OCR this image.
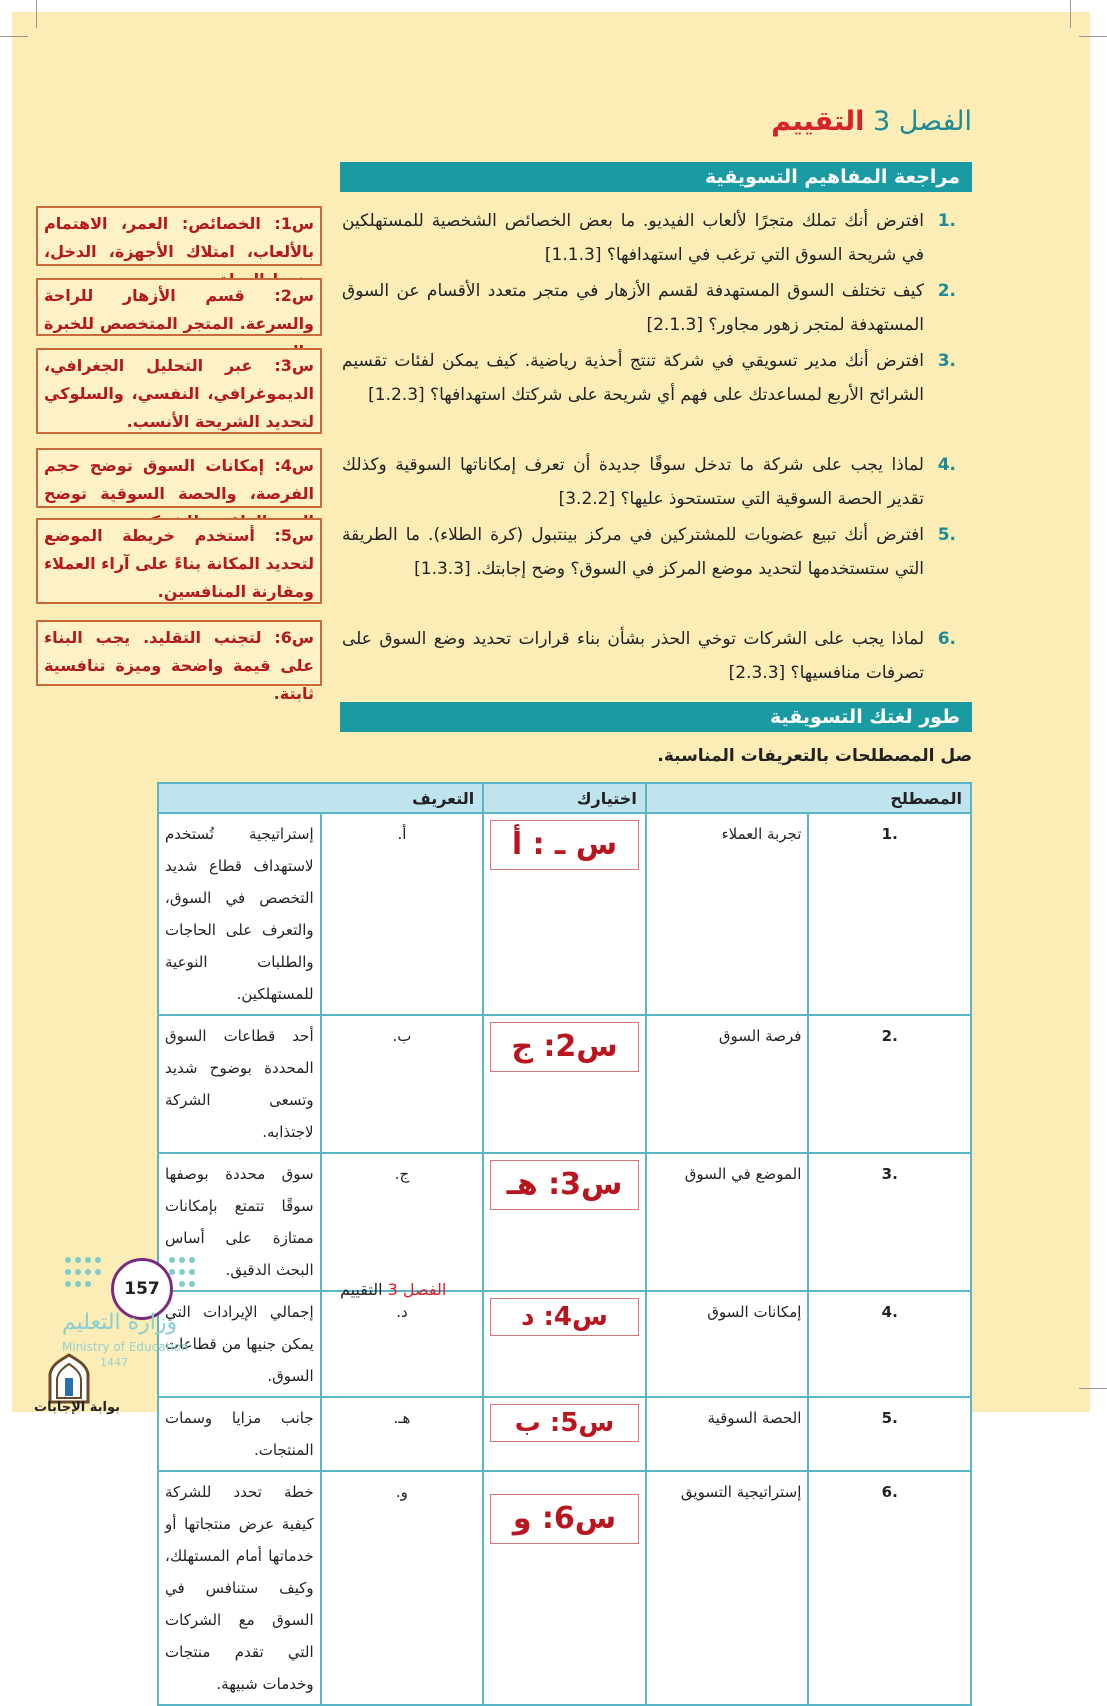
الفصل 3 التقييم
مراجعة المفاهيم التسويقية
.1
افترض أنك تملك متجرًا لألعاب الفيديو. ما بعض الخصائص الشخصية للمستهلكين في شريحة السوق التي ترغب في استهدافها؟ [1.1.3]
.2
كيف تختلف السوق المستهدفة لقسم الأزهار في متجر متعدد الأقسام عن السوق المستهدفة لمتجر زهور مجاور؟ [2.1.3]
.3
افترض أنك مدير تسويقي في شركة تنتج أحذية رياضية. كيف يمكن لفئات تقسيم الشرائح الأربع لمساعدتك على فهم أي شريحة على شركتك استهدافها؟ [1.2.3]
.4
لماذا يجب على شركة ما تدخل سوقًا جديدة أن تعرف إمكاناتها السوقية وكذلك تقدير الحصة السوقية التي ستستحوذ عليها؟ [3.2.2]
.5
افترض أنك تبيع عضويات للمشتركين في مركز بينتبول (كرة الطلاء). ما الطريقة التي ستستخدمها لتحديد موضع المركز في السوق؟ وضح إجابتك. [1.3.3]
.6
لماذا يجب على الشركات توخي الحذر بشأن بناء قرارات تحديد وضع السوق على تصرفات منافسيها؟ [2.3.3]
س1: الخصائص: العمر، الاهتمام بالألعاب، امتلاك الأجهزة، الدخل،
س2: قسم الأزهار للراحة والسرعة. المتجر المتخصص للخبرة
س3: عبر التحليل الجغرافي، الديموغرافي، النفسي، والسلوكي لتحديد الشريحة الأنسب.
س4: إمكانات السوق توضح حجم الفرصة، والحصة السوقية توضح
س5: أستخدم خريطة الموضع لتحديد المكانة بناءً على آراء العملاء ومقارنة المنافسين.
س6: لتجنب التقليد. يجب البناء على قيمة واضحة وميزة تنافسية ثابتة.
طور لغتك التسويقية
صل المصطلحات بالتعريفات المناسبة.
المصطلح		اختيارك	التعريف	
.1	تجربة العملاء	س ـ : أ	أ.	إستراتيجية تُستخدم لاستهداف قطاع شديد التخصص في السوق، والتعرف على الحاجات والطلبات النوعية للمستهلكين.
.2	فرصة السوق	س2: ج	ب.	أحد قطاعات السوق المحددة بوضوح شديد وتسعى الشركة لاجتذابه.
.3	الموضع في السوق	س3: هـ	ج.	سوق محددة بوصفها سوقًا تتمتع بإمكانات ممتازة على أساس البحث الدقيق.
.4	إمكانات السوق	س4: د	د.	إجمالي الإيرادات التي يمكن جنيها من قطاعات السوق.
.5	الحصة السوقية	س5: ب	هـ.	جانب مزايا وسمات المنتجات.
.6	إستراتيجية التسويق	س6: و	و.	خطة تحدد للشركة كيفية عرض منتجاتها أو خدماتها أمام المستهلك، وكيف ستنافس في السوق مع الشركات التي تقدم منتجات وخدمات شبيهة.
الفصل 3 التقييم
157
وزارة التعليم
Ministry of Education
1447
بوابة الإجابات
